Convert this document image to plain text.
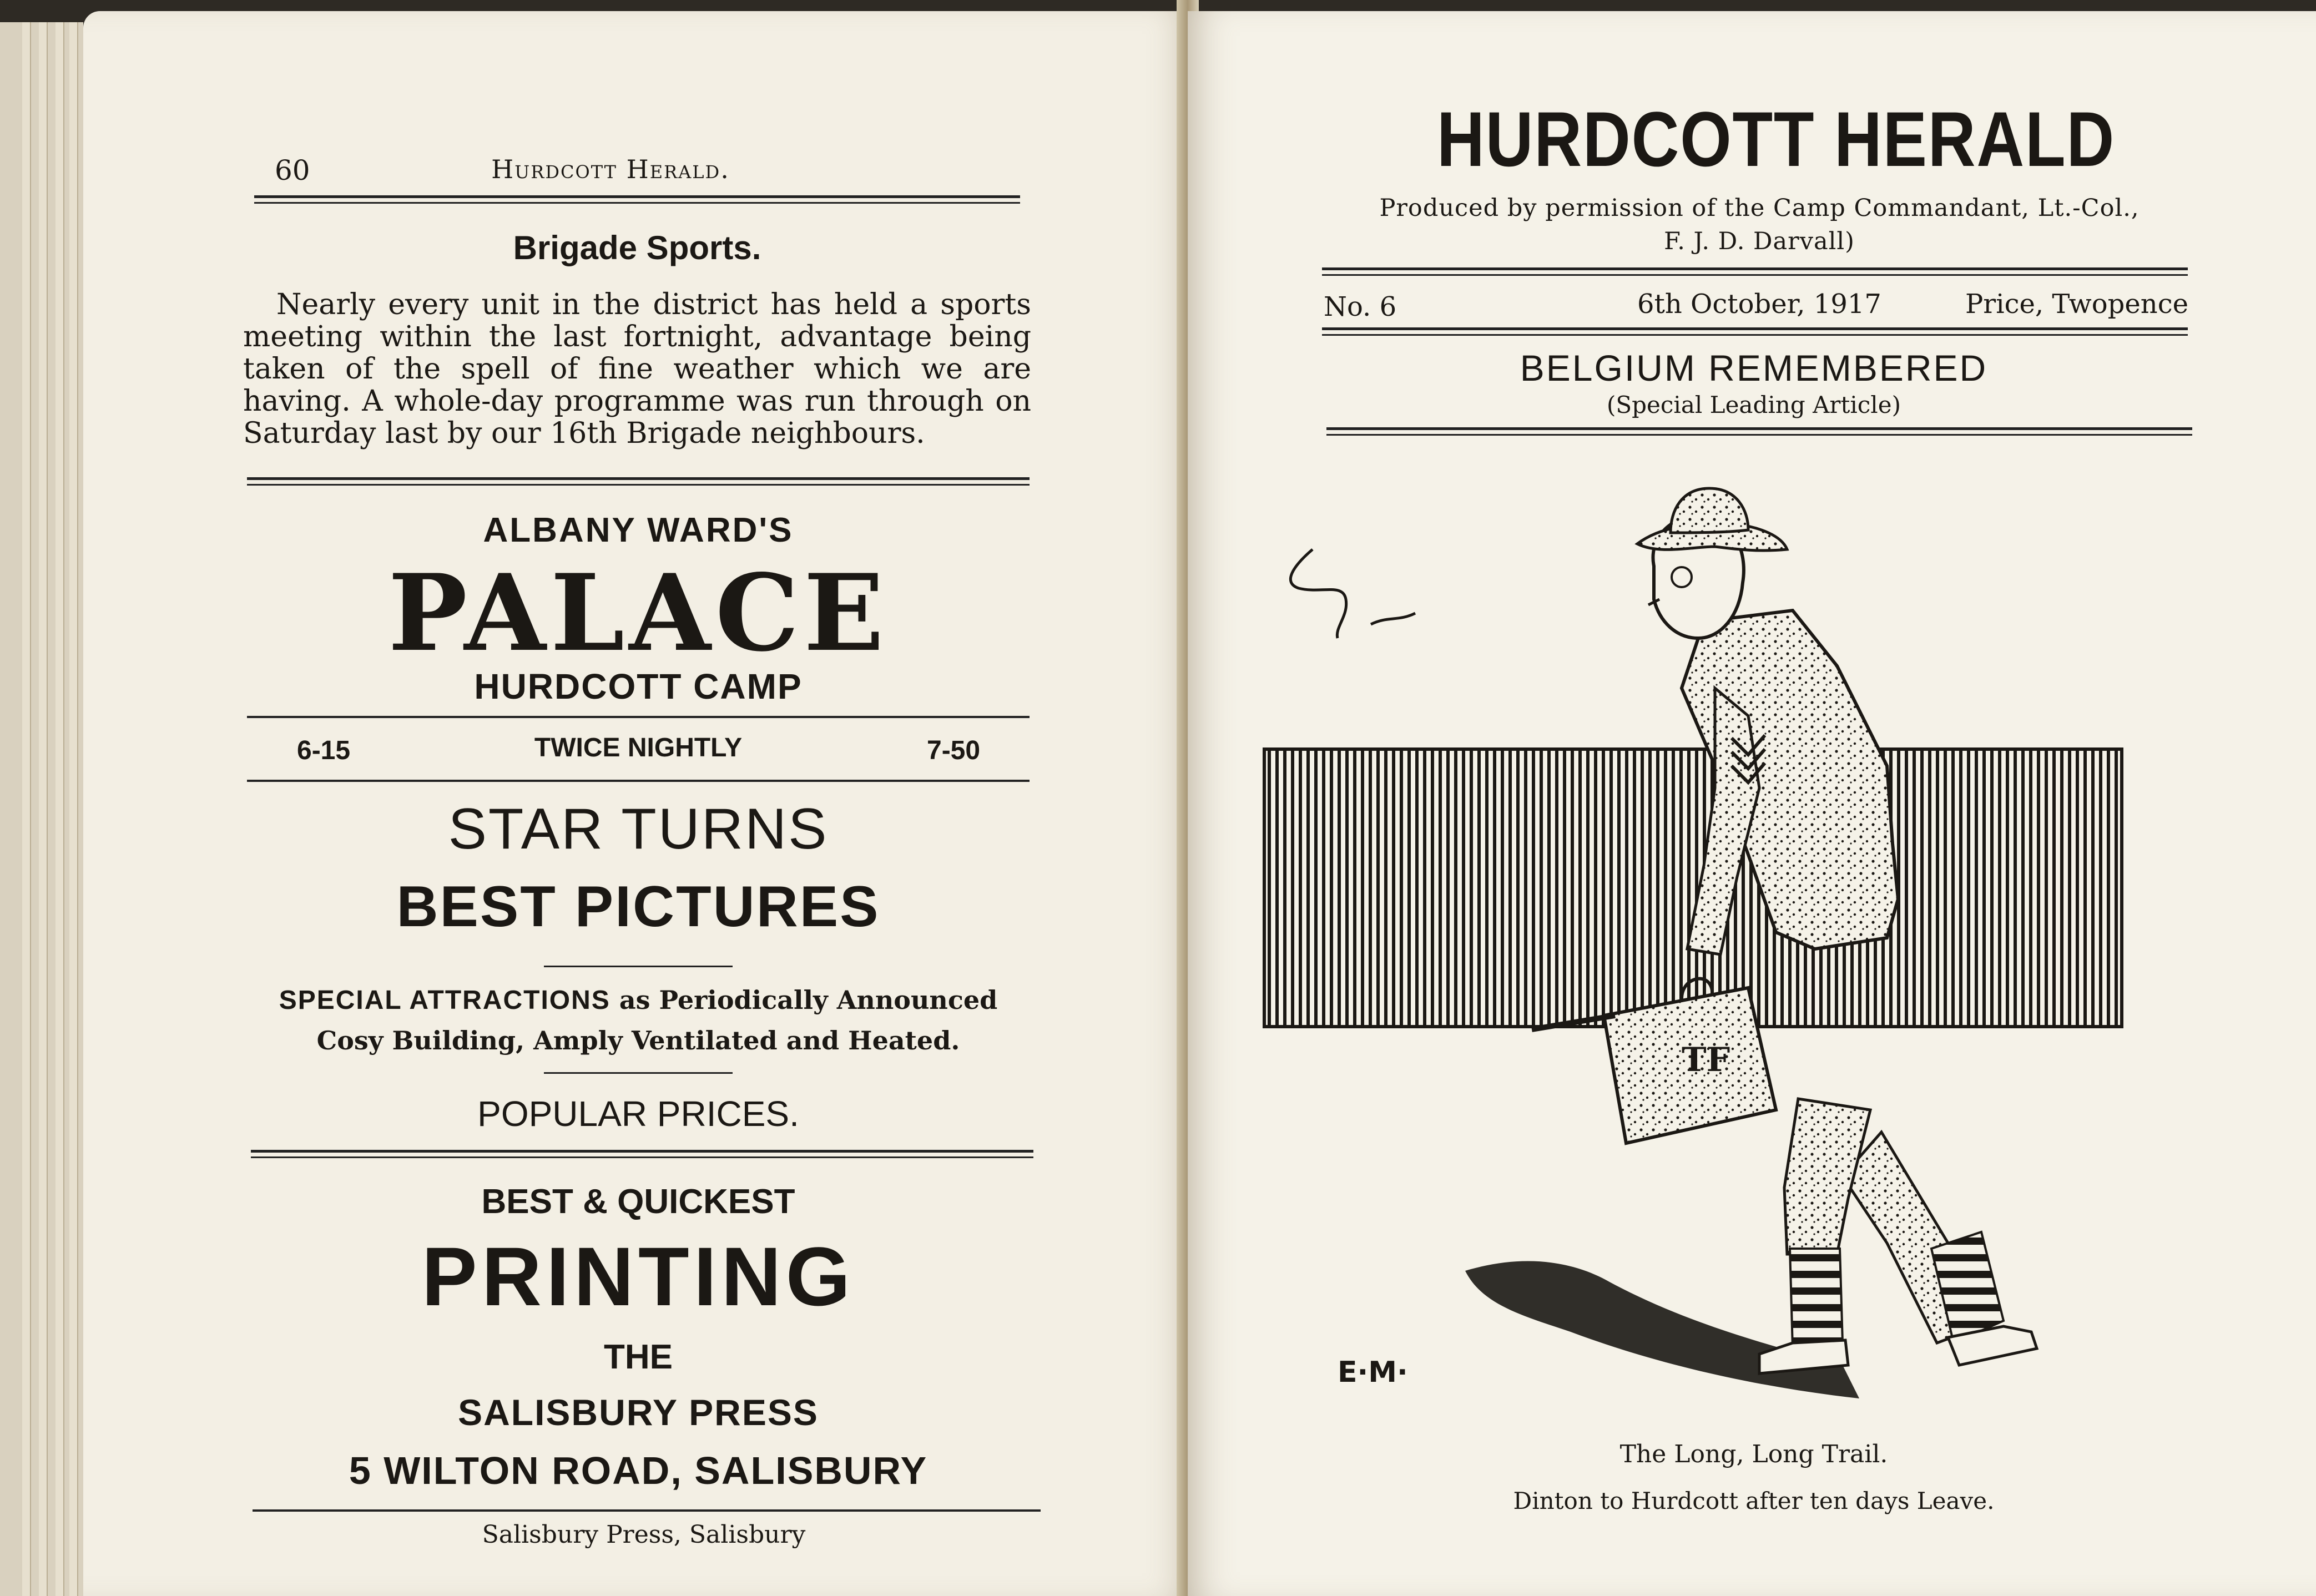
60	Hurdcott Herald.
Brigade Sports.
Nearly every unit in the district has held a sports meeting within the last fortnight, advantage being taken of the spell of fine weather which we are having. A whole-day programme was run through on Saturday last by our 16th Brigade neighbours.
ALBANY WARD'S
PALACE
HURDCOTT CAMP
6-15	TWICE NIGHTLY	7-50
STAR TURNS
BEST PICTURES
SPECIAL ATTRACTIONS as Periodically Announced
Cosy Building, Amply Ventilated and Heated.
POPULAR PRICES.
BEST & QUICKEST
PRINTING
THE
SALISBURY PRESS
5 WILTON ROAD, SALISBURY
Salisbury Press, Salisbury
HURDCOTT HERALD
Produced by permission of the Camp Commandant, Lt.-Col.,
F. J. D. Darvall)
No. 6	6th October, 1917	Price, Twopence
BELGIUM REMEMBERED
(Special Leading Article)
TF
E·M·
The Long, Long Trail.
Dinton to Hurdcott after ten days Leave.
